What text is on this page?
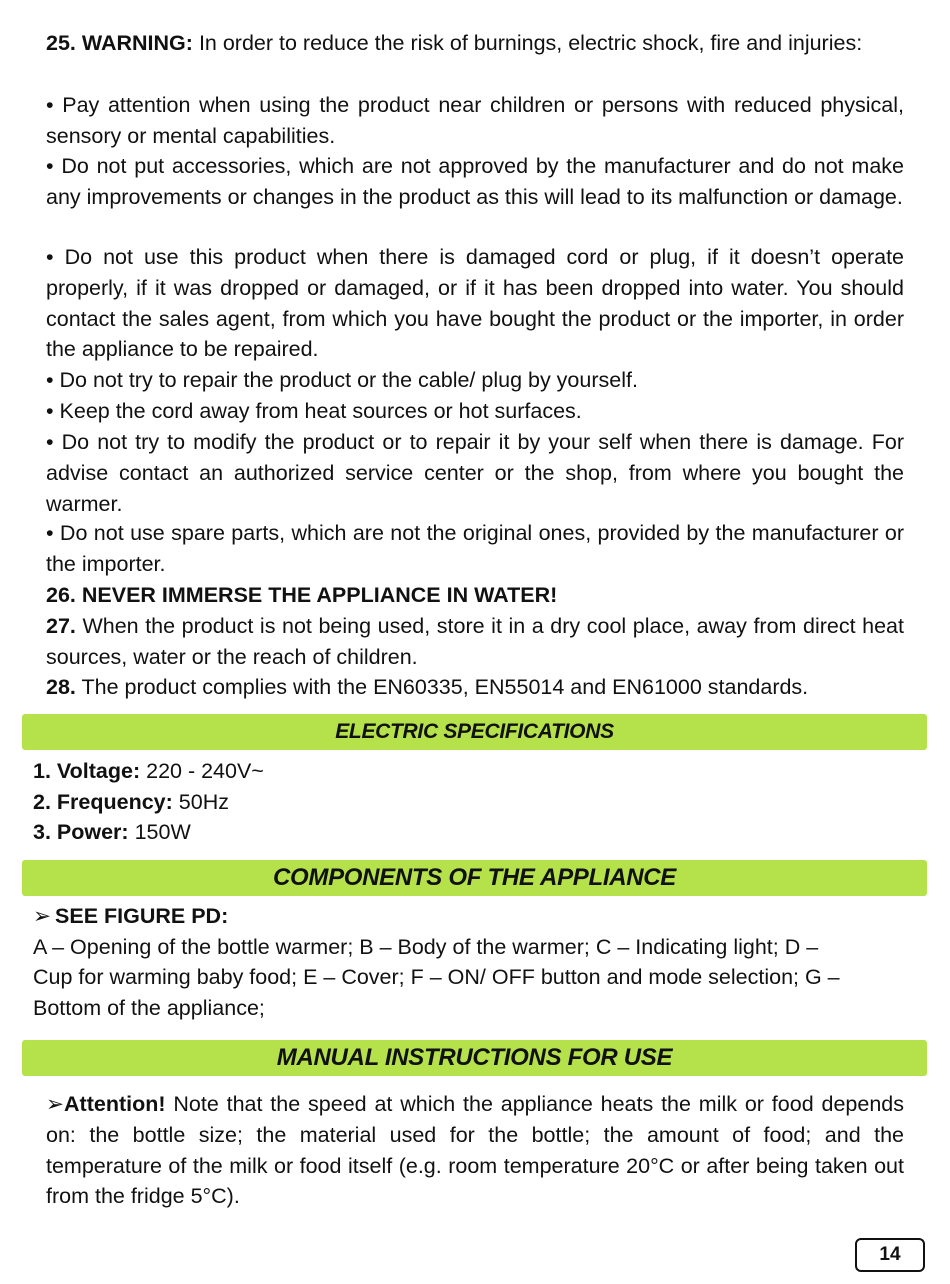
25. WARNING: In order to reduce the risk of burnings, electric shock, fire and injuries:
• Pay attention when using the product near children or persons with reduced physical, sensory or mental capabilities.
• Do not put accessories, which are not approved by the manufacturer and do not make any improvements or changes in the product as this will lead to its malfunction or damage.
• Do not use this product when there is damaged cord or plug, if it doesn’t operate properly, if it was dropped or damaged, or if it has been dropped into water. You should contact the sales agent, from which you have bought the product or the importer, in order the appliance to be repaired.
• Do not try to repair the product or the cable/ plug by yourself.
• Keep the cord away from heat sources or hot surfaces.
• Do not try to modify the product or to repair it by your self when there is damage. For advise contact an authorized service center or the shop, from where you bought the warmer.
• Do not use spare parts, which are not the original ones, provided by the manufacturer or the importer.
26. NEVER IMMERSE THE APPLIANCE IN WATER!
27. When the product is not being used, store it in a dry cool place, away from direct heat sources, water or the reach of children.
28. The product complies with the EN60335, EN55014 and EN61000 standards.
ELECTRIC SPECIFICATIONS
1. Voltage: 220 - 240V~
2. Frequency: 50Hz
3. Power: 150W
COMPONENTS OF THE APPLIANCE
➢ SEE FIGURE PD:
A – Opening of the bottle warmer; B – Body of the warmer; C – Indicating light; D –
Cup for warming baby food; E – Cover; F – ON/ OFF button and mode selection; G –
Bottom of the appliance;
MANUAL INSTRUCTIONS FOR USE
➢Attention! Note that the speed at which the appliance heats the milk or food depends on: the bottle size; the material used for the bottle; the amount of food; and the temperature of the milk or food itself (e.g. room temperature 20°C or after being taken out from the fridge 5°C).
14
